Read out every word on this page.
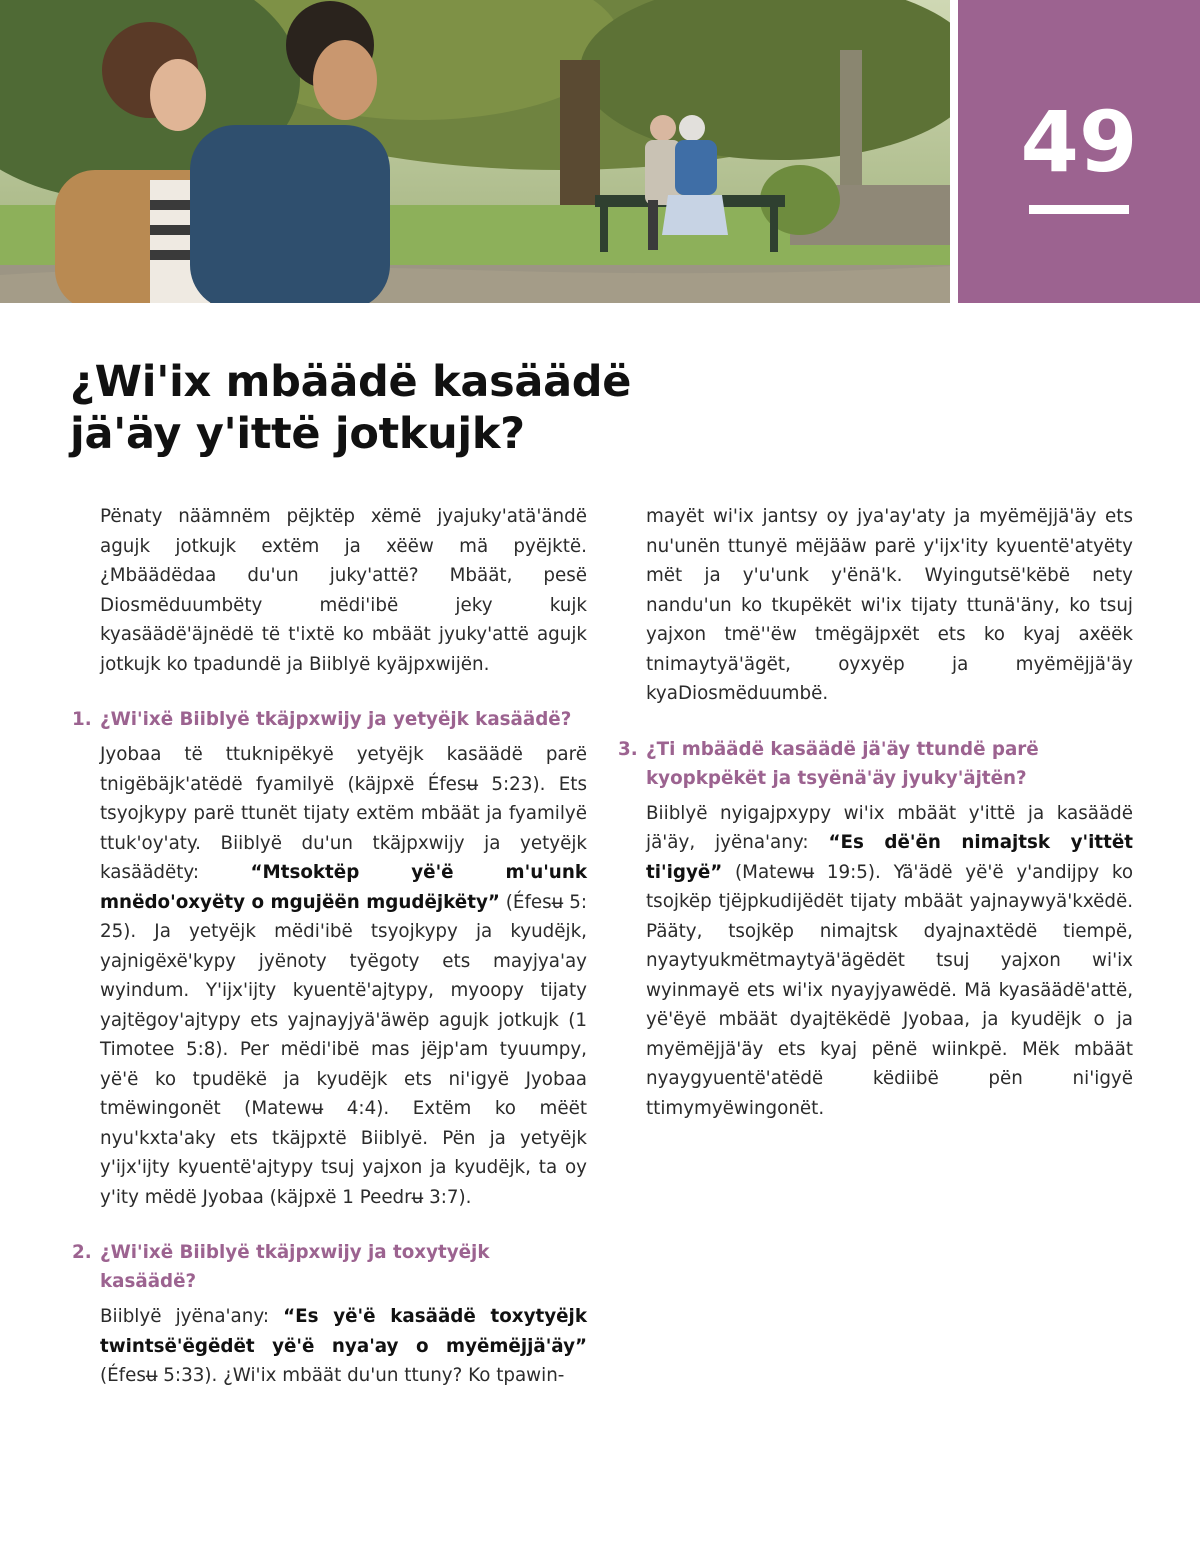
49
¿Wi'ix mbäädë kasäädë
jä'äy y'ittë jotkujk?

Pënaty näämnëm pëjktëp xëmë jyajuky'atä'ändë agujk jotkujk extëm ja xëëw mä pyëjktë. ¿Mbäädëdaa du'un juky'attë? Mbäät, pesë Diosmëduumbëty mëdi'ibë jeky kujk kyasäädë'äjnëdë të t'ixtë ko mbäät jyuky'attë agujk jotkujk ko tpadundë ja Biiblyë kyäjpxwijën.

1. ¿Wi'ixë Biiblyë tkäjpxwijy ja yetyëjk kasäädë?

Jyobaa të ttuknipëkyë yetyëjk kasäädë parë tnigëbäjk'atëdë fyamilyë (käjpxë Éfesʉ 5:23). Ets tsyojkypy parë ttunët tijaty extëm mbäät ja fyamilyë ttuk'oy'aty. Biiblyë du'un tkäjpxwijy ja yetyëjk kasäädëty:	“Mtsoktëp yë'ë m'u'unk mnëdo'oxyëty o mgujëën mgudëjkëty” (Éfesʉ 5: 25). Ja yetyëjk mëdi'ibë tsyojkypy ja kyudëjk, yajnigëxë'kypy jyënoty tyëgoty ets mayjya'ay wyindum. Y'ijx'ijty kyuentë'ajtypy, myoopy tijaty yajtëgoy'ajtypy ets yajnayjyä'äwëp agujk jotkujk (1 Timotee 5:8). Per mëdi'ibë mas jëjp'am tyuumpy, yë'ë ko tpudëkë ja kyudëjk ets ni'igyë Jyobaa tmëwingonët (Matewʉ 4:4). Extëm ko mëët nyu'kxta'aky ets tkäjpxtë Biiblyë. Pën ja yetyëjk y'ijx'ijty kyuentë'ajtypy tsuj yajxon ja kyudëjk, ta oy y'ity mëdë Jyobaa (käjpxë 1 Peedrʉ 3:7).

2. ¿Wi'ixë Biiblyë tkäjpxwijy ja toxytyëjk kasäädë?

Biiblyë jyëna'any: “Es yë'ë kasäädë toxytyëjk twintsë'ëgëdët yë'ë nya'ay o myëmëjjä'äy” (Éfesʉ 5:33). ¿Wi'ix mbäät du'un ttuny? Ko tpawin-

mayët wi'ix jantsy oy jya'ay'aty ja myëmëjjä'äy ets nu'unën ttunyë mëjääw parë y'ijx'ity kyuentë'atyëty mët ja y'u'unk y'ënä'k. Wyingutsë'këbë nety nandu'un ko tkupëkët wi'ix tijaty ttunä'äny, ko tsuj yajxon tmë''ëw tmëgäjpxët ets ko kyaj axëëk tnimaytyä'ägët, oyxyëp ja myëmëjjä'äy kyaDiosmëduumbë.

3. ¿Ti mbäädë kasäädë jä'äy ttundë parë kyopkpëkët ja tsyënä'äy jyuky'äjtën?

Biiblyë nyigajpxypy wi'ix mbäät y'ittë ja kasäädë jä'äy, jyëna'any: “Es dë'ën nimajtsk y'ittët ti'igyë” (Matewʉ 19:5). Yä'ädë yë'ë y'andijpy ko tsojkëp tjëjpkudijëdët tijaty mbäät yajnaywyä'kxëdë. Pääty, tsojkëp nimajtsk dyajnaxtëdë tiempë, nyaytyukmëtmaytyä'ägëdët tsuj yajxon wi'ix wyinmayë ets wi'ix nyayjyawëdë. Mä kyasäädë'attë, yë'ëyë mbäät dyajtëkëdë Jyobaa, ja kyudëjk o ja myëmëjjä'äy ets kyaj pënë wiinkpë. Mëk mbäät nyaygyuentë'atëdë këdiibë pën ni'igyë ttimymyëwingonët.
